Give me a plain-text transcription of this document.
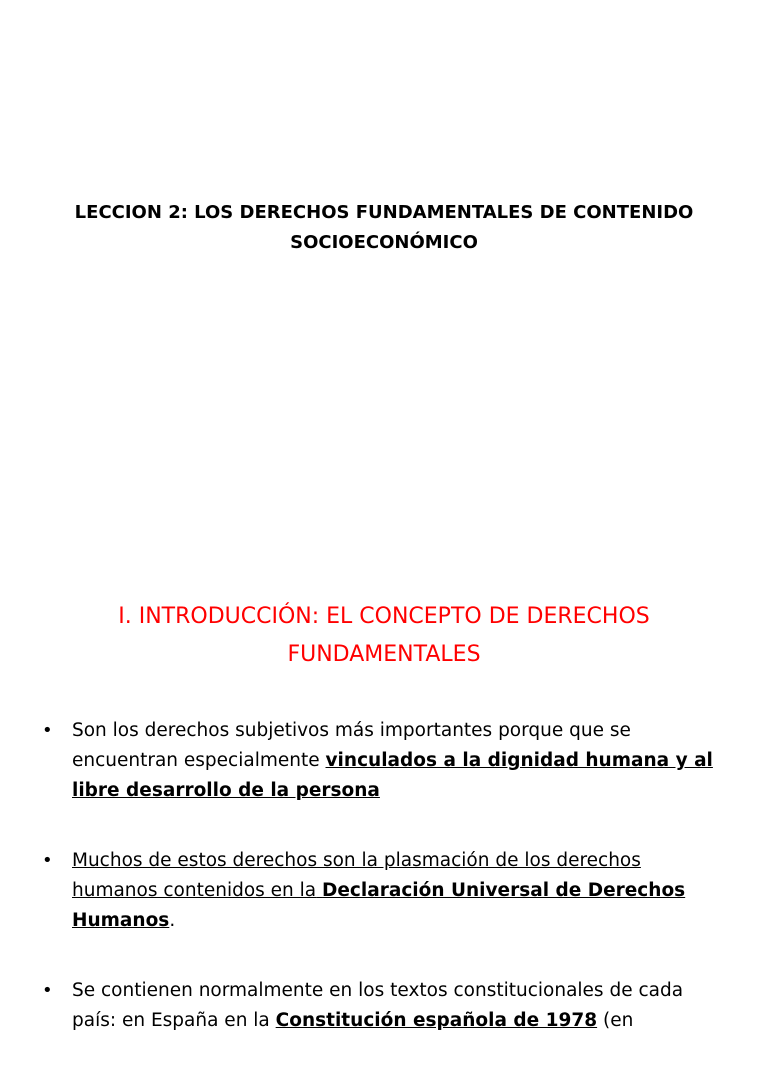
LECCION 2: LOS DERECHOS FUNDAMENTALES DE CONTENIDO
SOCIOECONÓMICO
I. INTRODUCCIÓN: EL CONCEPTO DE DERECHOS
FUNDAMENTALES
• Son los derechos subjetivos más importantes porque que se encuentran especialmente vinculados a la dignidad humana y al libre desarrollo de la persona
• Muchos de estos derechos son la plasmación de los derechos humanos contenidos en la Declaración Universal de Derechos Humanos.
• Se contienen normalmente en los textos constitucionales de cada país: en España en la Constitución española de 1978 (en
